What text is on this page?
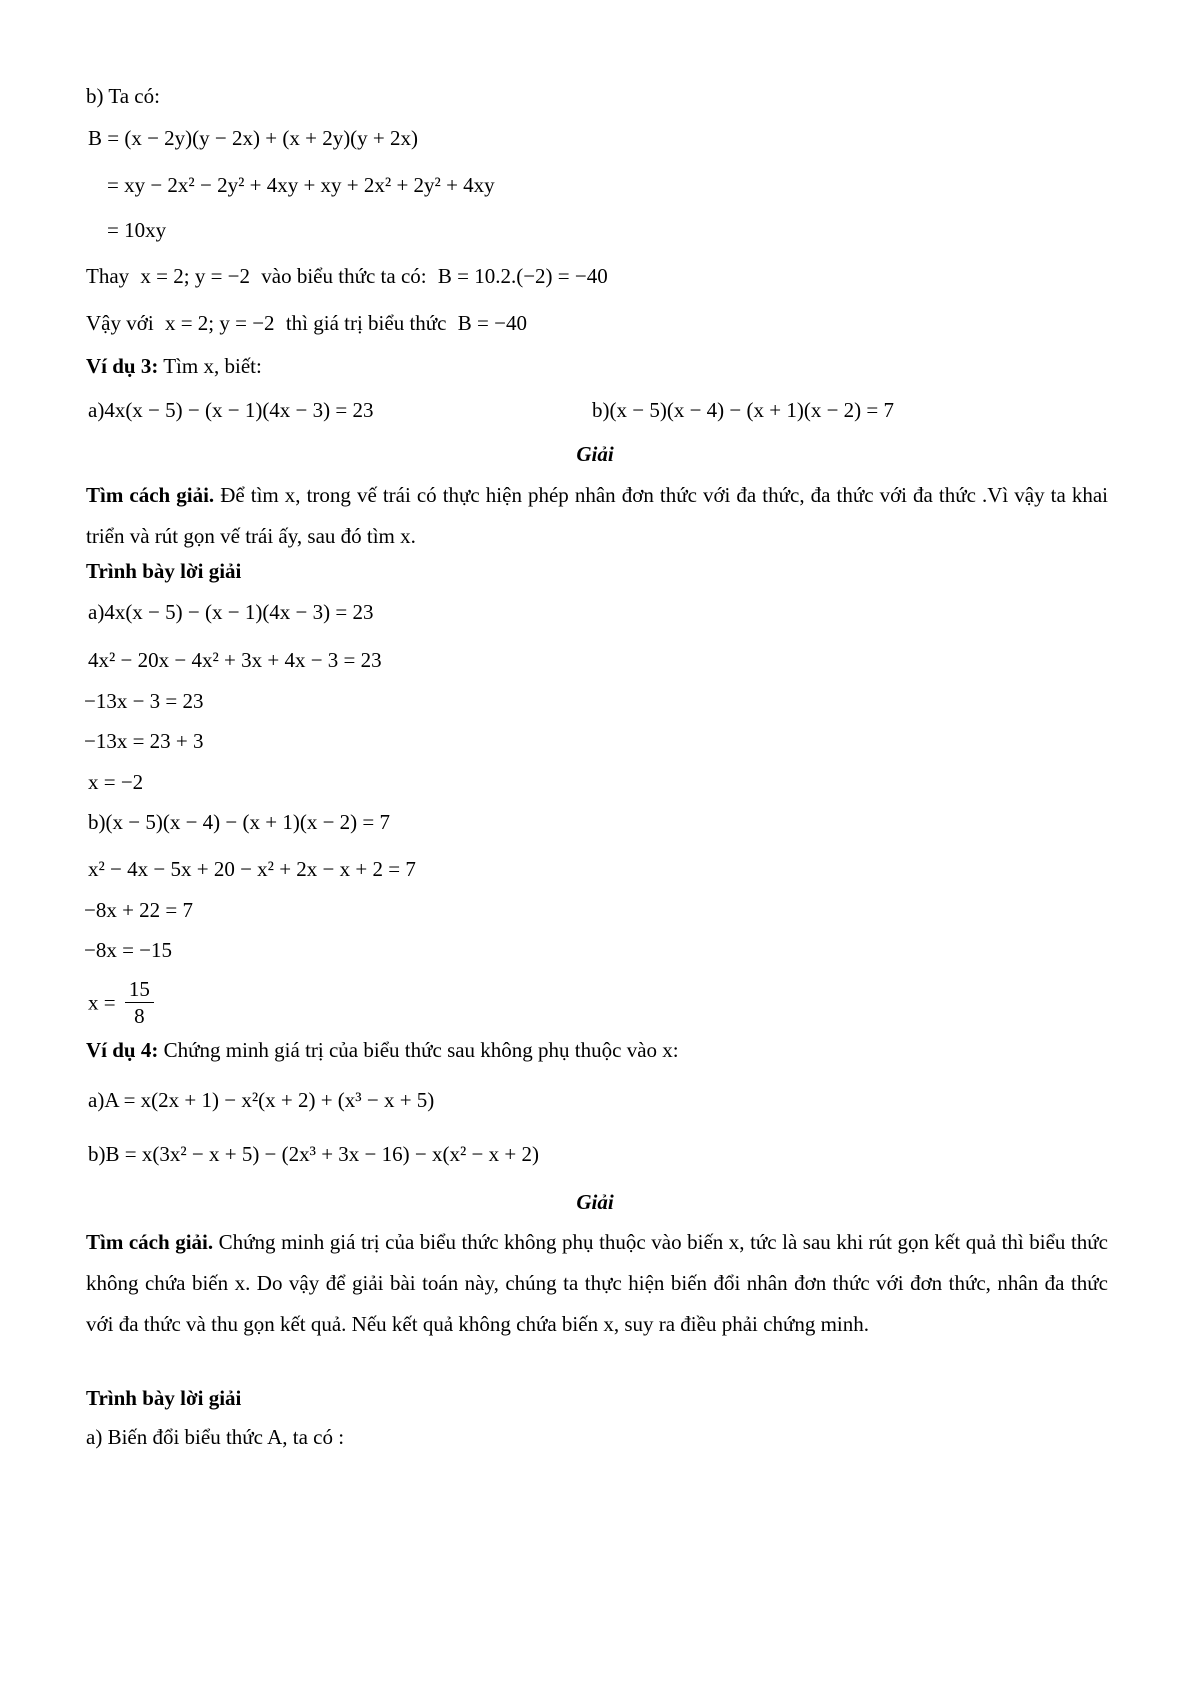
b) Ta có:
B = (x − 2y)(y − 2x) + (x + 2y)(y + 2x)
= xy − 2x² − 2y² + 4xy + xy + 2x² + 2y² + 4xy
= 10xy
Thay x = 2; y = −2 vào biểu thức ta có: B = 10.2.(−2) = −40
Vậy với x = 2; y = −2 thì giá trị biểu thức B = −40
Ví dụ 3: Tìm x, biết:
a)4x(x − 5) − (x − 1)(4x − 3) = 23	b)(x − 5)(x − 4) − (x + 1)(x − 2) = 7
Giải
Tìm cách giải. Để tìm x, trong vế trái có thực hiện phép nhân đơn thức với đa thức, đa thức với đa thức .Vì vậy ta khai triển và rút gọn vế trái ấy, sau đó tìm x.
Trình bày lời giải
a)4x(x − 5) − (x − 1)(4x − 3) = 23
4x² − 20x − 4x² + 3x + 4x − 3 = 23
−13x − 3 = 23
−13x = 23 + 3
x = −2
b)(x − 5)(x − 4) − (x + 1)(x − 2) = 7
x² − 4x − 5x + 20 − x² + 2x − x + 2 = 7
−8x + 22 = 7
−8x = −15
$x = \frac{15}{8}$
Ví dụ 4: Chứng minh giá trị của biểu thức sau không phụ thuộc vào x:
a)A = x(2x + 1) − x²(x + 2) + (x³ − x + 5)
b)B = x(3x² − x + 5) − (2x³ + 3x − 16) − x(x² − x + 2)
Giải
Tìm cách giải. Chứng minh giá trị của biểu thức không phụ thuộc vào biến x, tức là sau khi rút gọn kết quả thì biểu thức không chứa biến x. Do vậy để giải bài toán này, chúng ta thực hiện biến đổi nhân đơn thức với đơn thức, nhân đa thức với đa thức và thu gọn kết quả. Nếu kết quả không chứa biến x, suy ra điều phải chứng minh.
Trình bày lời giải
a) Biến đổi biểu thức A, ta có :
